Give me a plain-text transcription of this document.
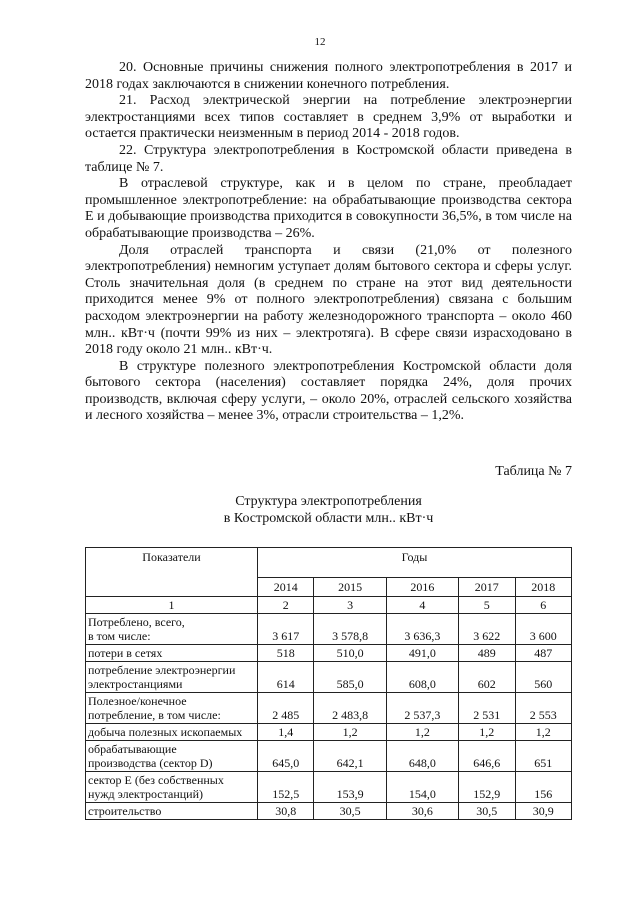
12

20. Основные причины снижения полного электропотребления в 2017 и 2018 годах заключаются в снижении конечного потребления.

21. Расход электрической энергии на потребление электроэнергии электростанциями всех типов составляет в среднем 3,9% от выработки и остается практически неизменным в период 2014 - 2018 годов.

22. Структура электропотребления в Костромской области приведена в таблице № 7.

В отраслевой структуре, как и в целом по стране, преобладает промышленное электропотребление: на обрабатывающие производства сектора Е и добывающие производства приходится в совокупности 36,5%, в том числе на обрабатывающие производства – 26%.

Доля отраслей транспорта и связи (21,0% от полезного электропотребления) немногим уступает долям бытового сектора и сферы услуг. Столь значительная доля (в среднем по стране на этот вид деятельности приходится менее 9% от полного электропотребления) связана с большим расходом электроэнергии на работу железнодорожного транспорта – около 460 млн.. кВт·ч (почти 99% из них – электротяга). В сфере связи израсходовано в 2018 году около 21 млн.. кВт·ч.

В структуре полезного электропотребления Костромской области доля бытового сектора (населения) составляет порядка 24%, доля прочих производств, включая сферу услуги, – около 20%, отраслей сельского хозяйства и лесного хозяйства – менее 3%, отрасли строительства – 1,2%.

Таблица № 7
Структура электропотребления
в Костромской области млн.. кВт·ч
Показатели	Годы				
	2014	2015	2016	2017	2018
1	2	3	4	5	6

Потреблено, всего,
в том числе:	3 617	3 578,8	3 636,3	3 622	3 600

потери в сетях	518	510,0	491,0	489	487

потребление электроэнергии
электростанциями	614	585,0	608,0	602	560

Полезное/конечное
потребление, в том числе:	2 485	2 483,8	2 537,3	2 531	2 553

добыча полезных ископаемых	1,4	1,2	1,2	1,2	1,2

обрабатывающие
производства (сектор D)	645,0	642,1	648,0	646,6	651

сектор Е (без собственных
нужд электростанций)	152,5	153,9	154,0	152,9	156

строительство	30,8	30,5	30,6	30,5	30,9
